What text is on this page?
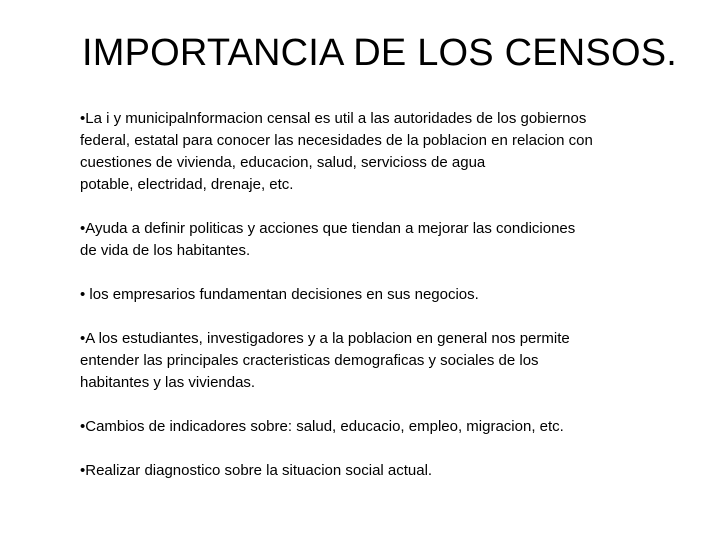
IMPORTANCIA DE LOS CENSOS.

•La i y municipalnformacion censal es util a las autoridades de los gobiernos
federal, estatal para conocer las necesidades de la poblacion en relacion con
cuestiones de vivienda, educacion, salud, servicioss de agua
potable, electridad, drenaje, etc.

•Ayuda a definir politicas y acciones que tiendan a mejorar las condiciones
de vida de los habitantes.

• los empresarios fundamentan decisiones en sus negocios.

•A los estudiantes, investigadores y a la poblacion en general nos permite
entender las principales cracteristicas demograficas y sociales de los
habitantes y las viviendas.

•Cambios de indicadores sobre: salud, educacio, empleo, migracion, etc.

•Realizar diagnostico sobre la situacion social actual.
